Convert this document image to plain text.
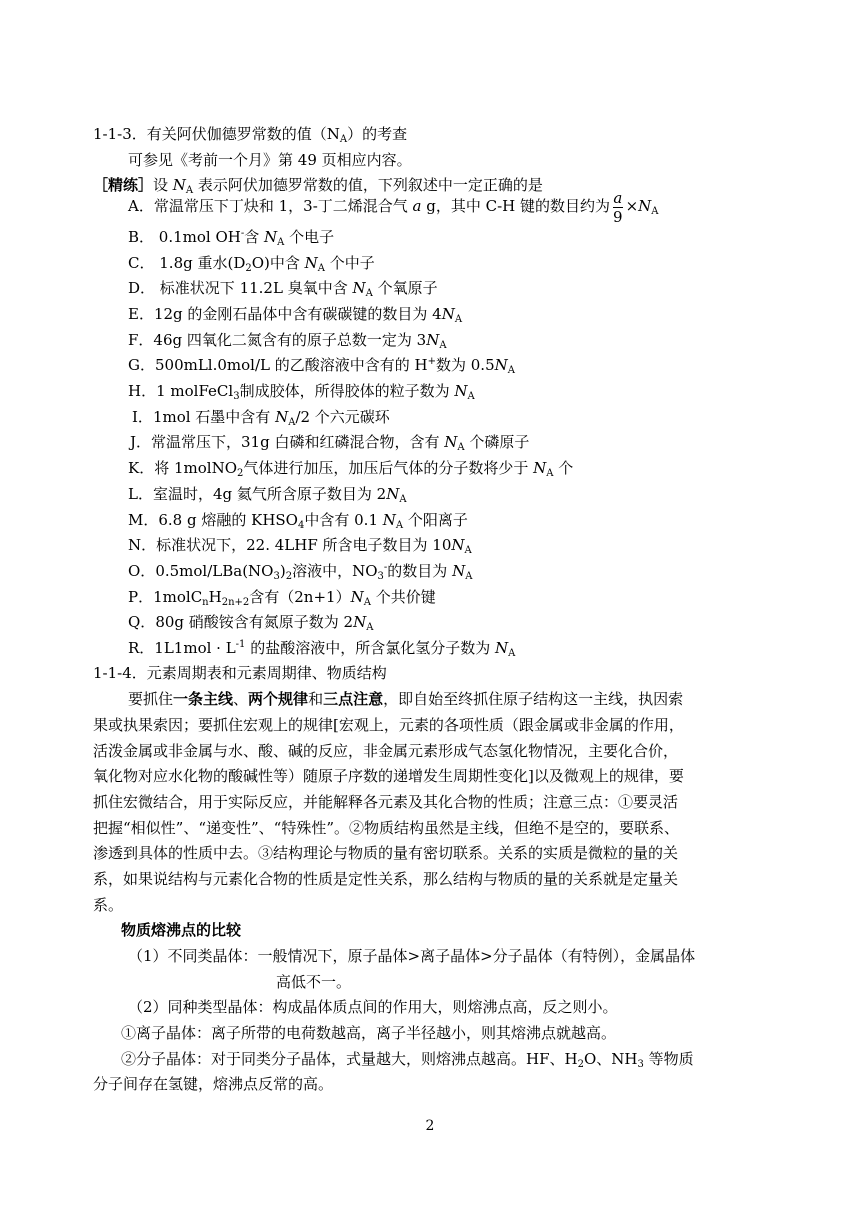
1-1-3．有关阿伏伽德罗常数的值$(N_A)$的考查
可参见《考前一个月》第 49 页相应内容。
［精练］设 $N_A$ 表示阿伏加德罗常数的值，下列叙述中一定正确的是
A．常温常压下丁炔和 1，3-丁二烯混合气 a g，其中 C-H 键的数目约为 $\frac{a}{9} \times N_A$
B． 0.1mol OH-含 $N_A$ 个电子
C． 1.8g 重水$(D_2O)$中含 $N_A$ 个中子
D． 标准状况下 11.2L 臭氧中含 $N_A$ 个氧原子
E．12g 的金刚石晶体中含有碳碳键的数目为 $4N_A$
F．46g 四氧化二氮含有的原子总数一定为 $3N_A$
G．500mLl.0mol/L 的乙酸溶液中含有的 H+数为 $0.5N_A$
H．1 molFeCl$_3$制成胶体，所得胶体的粒子数为 $N_A$
I．1mol 石墨中含有 $N_A/2$ 个六元碳环
J．常温常压下，31g 白磷和红磷混合物，含有 $N_A$ 个磷原子
K．将 1molNO$_2$气体进行加压，加压后气体的分子数将少于 $N_A$ 个
L．室温时，4g 氦气所含原子数目为 $2N_A$
M．6.8 g 熔融的 $KHSO_4$中含有 0.1 $N_A$ 个阳离子
N．标准状况下，22. 4LHF 所含电子数目为 $10N_A$
O．$0.5mol/LBa(NO_3)_2$溶液中，$NO_3^-$的数目为 $N_A$
P．$1molC_nH_{2n+2}$含有$(2n+1)N_A$ 个共价键
Q．80g 硝酸铵含有氮原子数为 $2N_A$
R．$1L1mol \cdot L^{-1}$ 的盐酸溶液中，所含氯化氢分子数为 $N_A$
1-1-4．元素周期表和元素周期律、物质结构
要抓住一条主线、两个规律和三点注意，即自始至终抓住原子结构这一主线，执因索
果或执果索因；要抓住宏观上的规律[宏观上，元素的各项性质（跟金属或非金属的作用，
活泼金属或非金属与水、酸、碱的反应，非金属元素形成气态氢化物情况，主要化合价，
氧化物对应水化物的酸碱性等）随原子序数的递增发生周期性变化]以及微观上的规律，要
抓住宏微结合，用于实际反应，并能解释各元素及其化合物的性质；注意三点：①要灵活
把握“相似性”、“递变性”、“特殊性”。②物质结构虽然是主线，但绝不是空的，要联系、
渗透到具体的性质中去。③结构理论与物质的量有密切联系。关系的实质是微粒的量的关
系，如果说结构与元素化合物的性质是定性关系，那么结构与物质的量的关系就是定量关
系。
物质熔沸点的比较
（1）不同类晶体：一般情况下，原子晶体>离子晶体>分子晶体（有特例），金属晶体
高低不一。
（2）同种类型晶体：构成晶体质点间的作用大，则熔沸点高，反之则小。
①离子晶体：离子所带的电荷数越高，离子半径越小，则其熔沸点就越高。
②分子晶体：对于同类分子晶体，式量越大，则熔沸点越高。HF、$H_2O$、$NH_3$ 等物质
分子间存在氢键，熔沸点反常的高。
2
